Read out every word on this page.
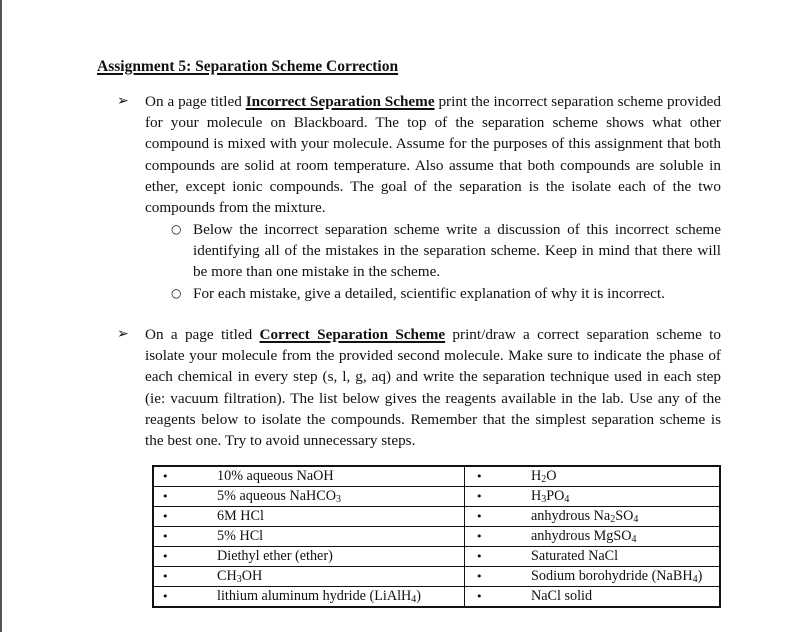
Assignment 5: Separation Scheme Correction
➢ On a page titled Incorrect Separation Scheme print the incorrect separation scheme provided for your molecule on Blackboard. The top of the separation scheme shows what other compound is mixed with your molecule. Assume for the purposes of this assignment that both compounds are solid at room temperature. Also assume that both compounds are soluble in ether, except ionic compounds. The goal of the separation is the isolate each of the two compounds from the mixture.
○ Below the incorrect separation scheme write a discussion of this incorrect scheme identifying all of the mistakes in the separation scheme. Keep in mind that there will be more than one mistake in the scheme.
○ For each mistake, give a detailed, scientific explanation of why it is incorrect.
➢ On a page titled Correct Separation Scheme print/draw a correct separation scheme to isolate your molecule from the provided second molecule. Make sure to indicate the phase of each chemical in every step (s, l, g, aq) and write the separation technique used in each step (ie: vacuum filtration). The list below gives the reagents available in the lab. Use any of the reagents below to isolate the compounds. Remember that the simplest separation scheme is the best one. Try to avoid unnecessary steps.
•	10% aqueous NaOH	•	$H_2O$
•	5% aqueous NaHCO$_3$	•	$H_3PO_4$
•	6M HCl	•	anhydrous $Na_2SO_4$
•	5% HCl	•	anhydrous MgSO$_4$
•	Diethyl ether (ether)	•	Saturated NaCl
•	$CH_3OH$	•	Sodium borohydride (NaBH$_4$)
•	lithium aluminum hydride (LiAlH$_4$)	•	NaCl solid
